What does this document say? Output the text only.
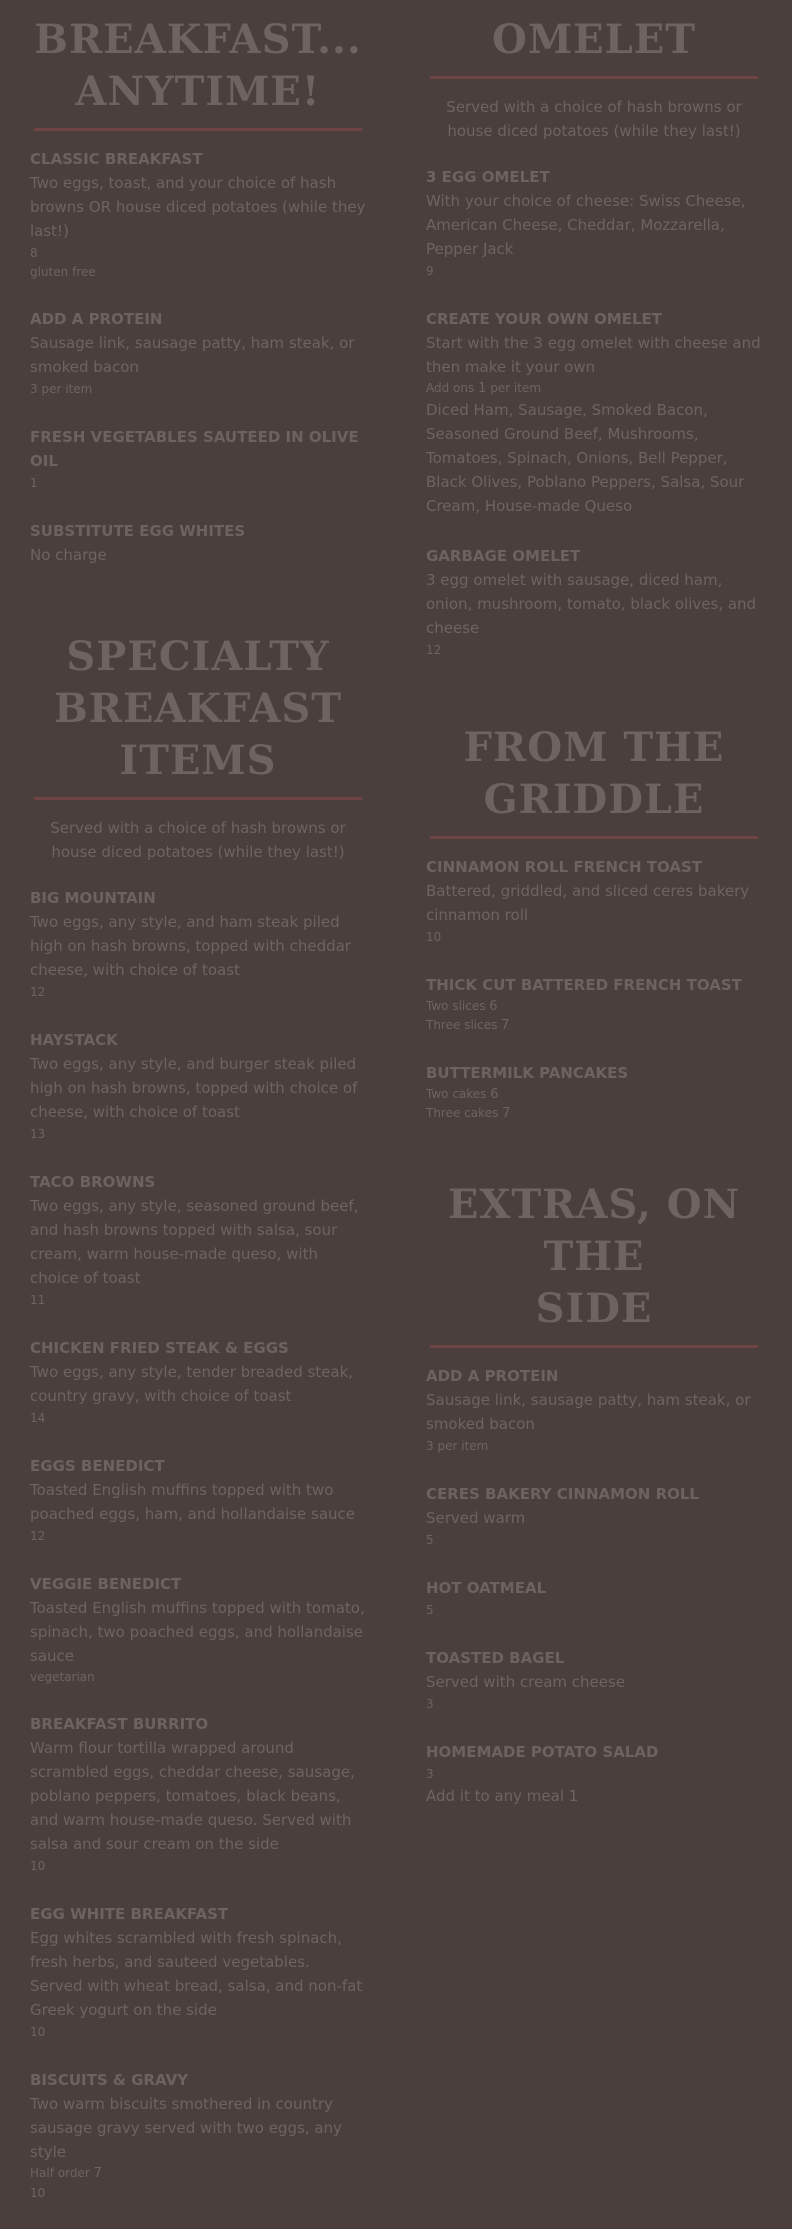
BREAKFAST...
ANYTIME!
CLASSIC BREAKFAST
Two eggs, toast, and your choice of hash browns OR house diced potatoes (while they last!)
8
gluten free
ADD A PROTEIN
Sausage link, sausage patty, ham steak, or smoked bacon
3 per item
FRESH VEGETABLES SAUTEED IN OLIVE OIL
1
SUBSTITUTE EGG WHITES
No charge
SPECIALTY
BREAKFAST ITEMS

Served with a choice of hash browns or house diced potatoes (while they last!)

BIG MOUNTAIN
Two eggs, any style, and ham steak piled high on hash browns, topped with cheddar cheese, with choice of toast
12
HAYSTACK
Two eggs, any style, and burger steak piled high on hash browns, topped with choice of cheese, with choice of toast
13
TACO BROWNS
Two eggs, any style, seasoned ground beef, and hash browns topped with salsa, sour cream, warm house-made queso, with choice of toast
11
CHICKEN FRIED STEAK & EGGS
Two eggs, any style, tender breaded steak, country gravy, with choice of toast
14
EGGS BENEDICT
Toasted English muffins topped with two poached eggs, ham, and hollandaise sauce
12
VEGGIE BENEDICT
Toasted English muffins topped with tomato, spinach, two poached eggs, and hollandaise sauce
vegetarian
BREAKFAST BURRITO
Warm flour tortilla wrapped around scrambled eggs, cheddar cheese, sausage, poblano peppers, tomatoes, black beans, and warm house-made queso. Served with salsa and sour cream on the side
10
EGG WHITE BREAKFAST
Egg whites scrambled with fresh spinach, fresh herbs, and sauteed vegetables. Served with wheat bread, salsa, and non-fat Greek yogurt on the side
10
BISCUITS & GRAVY
Two warm biscuits smothered in country sausage gravy served with two eggs, any style
Half order 7
10
OMELET

Served with a choice of hash browns or house diced potatoes (while they last!)

3 EGG OMELET
With your choice of cheese: Swiss Cheese, American Cheese, Cheddar, Mozzarella, Pepper Jack
9
CREATE YOUR OWN OMELET
Start with the 3 egg omelet with cheese and then make it your own
Add ons 1 per item
Diced Ham, Sausage, Smoked Bacon, Seasoned Ground Beef, Mushrooms, Tomatoes, Spinach, Onions, Bell Pepper, Black Olives, Poblano Peppers, Salsa, Sour Cream, House-made Queso
GARBAGE OMELET
3 egg omelet with sausage, diced ham, onion, mushroom, tomato, black olives, and cheese
12
FROM THE
GRIDDLE
CINNAMON ROLL FRENCH TOAST
Battered, griddled, and sliced ceres bakery cinnamon roll
10
THICK CUT BATTERED FRENCH TOAST
Two slices 6
Three slices 7
BUTTERMILK PANCAKES
Two cakes 6
Three cakes 7
EXTRAS, ON THE
SIDE
ADD A PROTEIN
Sausage link, sausage patty, ham steak, or smoked bacon
3 per item
CERES BAKERY CINNAMON ROLL
Served warm
5
HOT OATMEAL
5
TOASTED BAGEL
Served with cream cheese
3
HOMEMADE POTATO SALAD
3
Add it to any meal 1
